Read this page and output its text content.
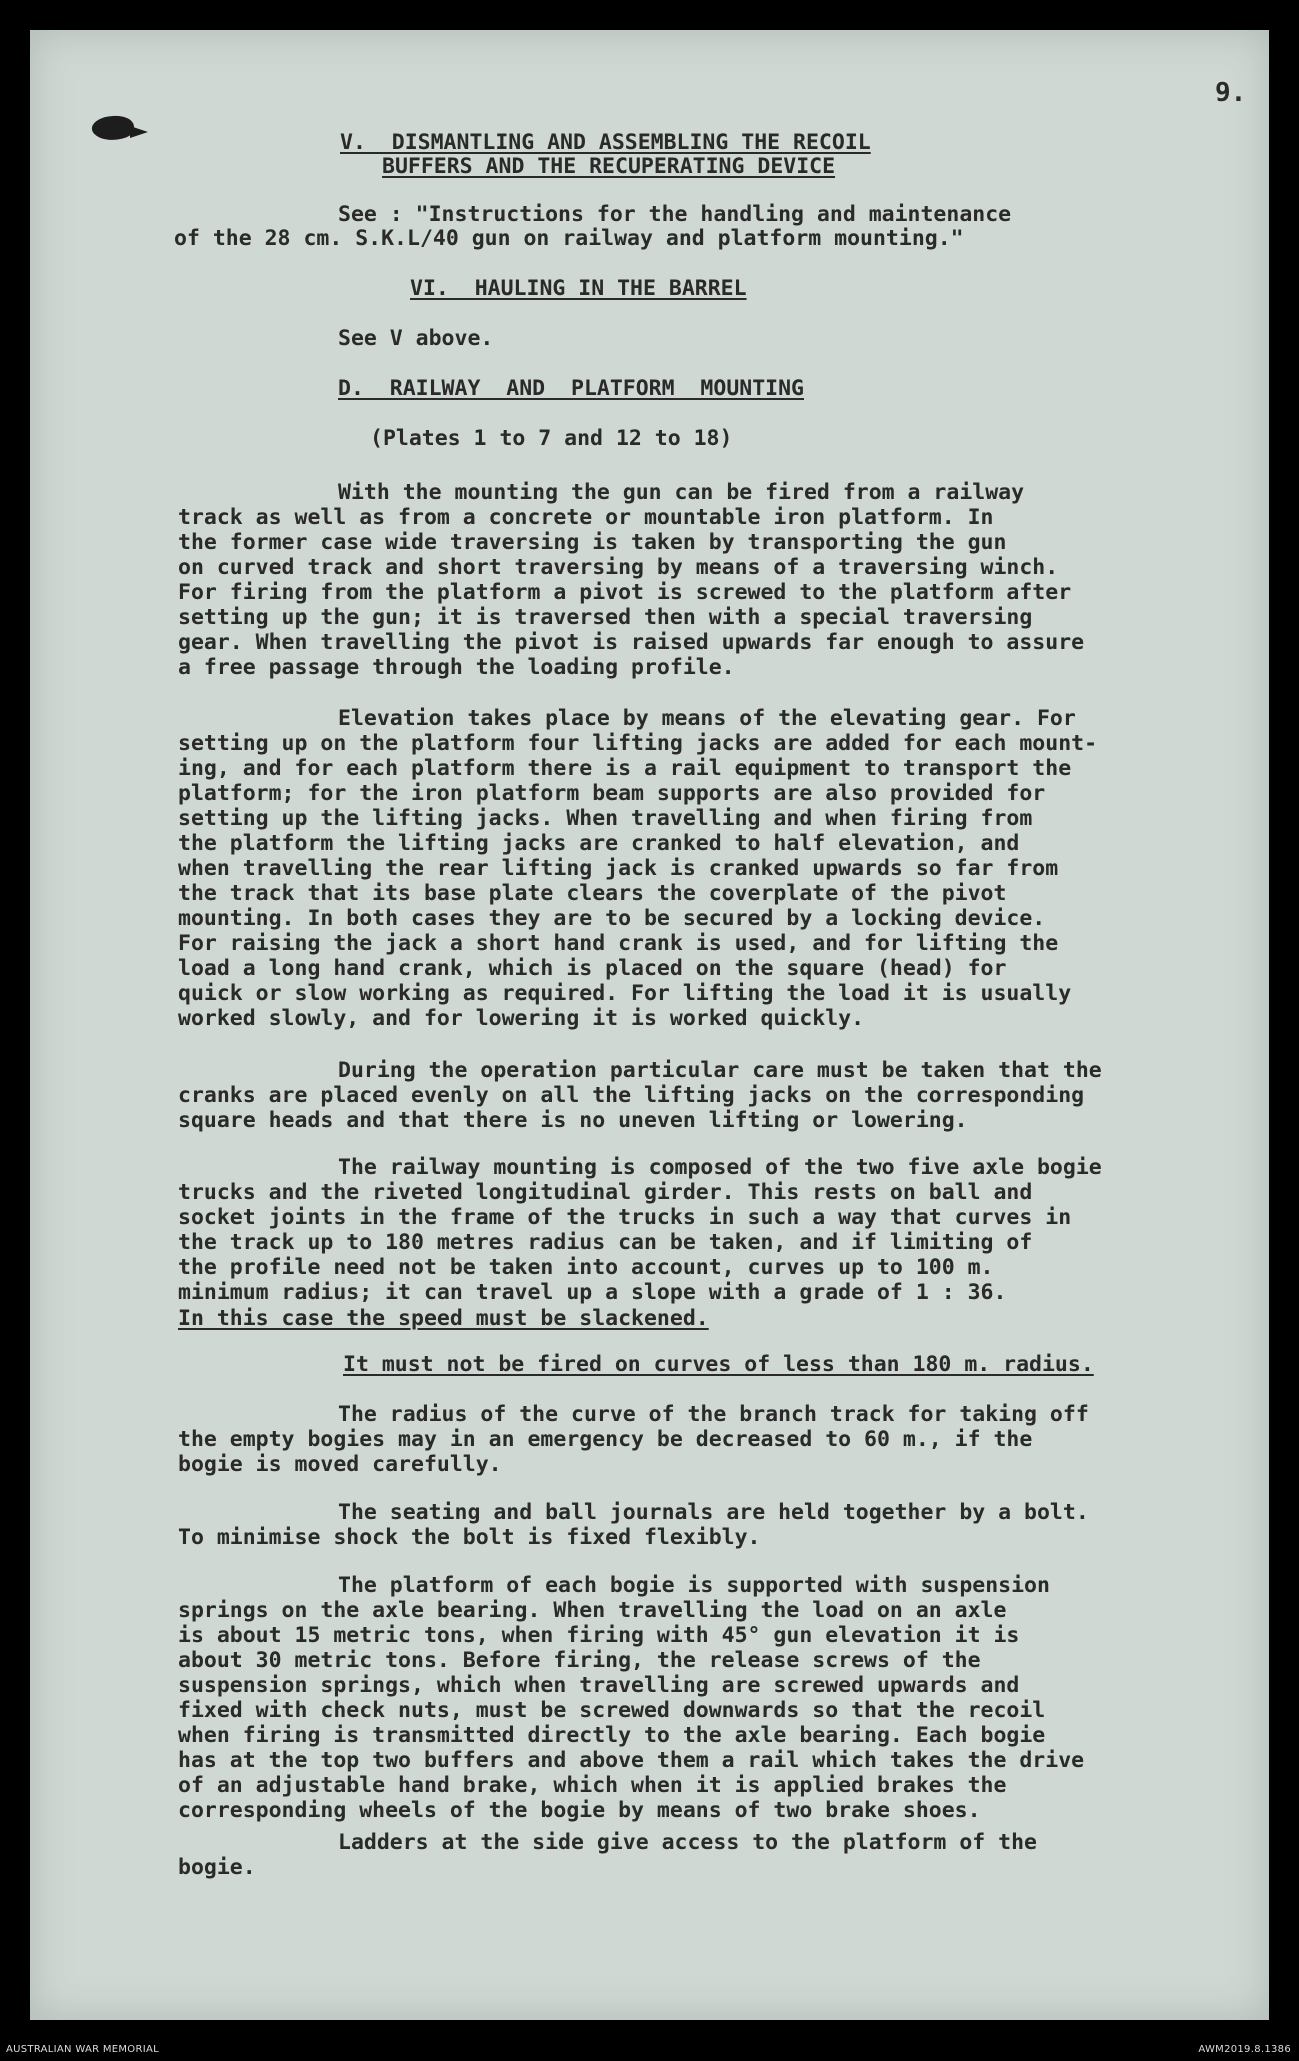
9.
V.  DISMANTLING AND ASSEMBLING THE RECOIL
BUFFERS AND THE RECUPERATING DEVICE
See : "Instructions for the handling and maintenance
of the 28 cm. S.K.L/40 gun on railway and platform mounting."
VI.  HAULING IN THE BARREL
See V above.
D.  RAILWAY  AND  PLATFORM  MOUNTING
(Plates 1 to 7 and 12 to 18)
With the mounting the gun can be fired from a railway
track as well as from a concrete or mountable iron platform. In
the former case wide traversing is taken by transporting the gun
on curved track and short traversing by means of a traversing winch.
For firing from the platform a pivot is screwed to the platform after
setting up the gun; it is traversed then with a special traversing
gear. When travelling the pivot is raised upwards far enough to assure
a free passage through the loading profile.
Elevation takes place by means of the elevating gear. For
setting up on the platform four lifting jacks are added for each mount-
ing, and for each platform there is a rail equipment to transport the
platform; for the iron platform beam supports are also provided for
setting up the lifting jacks. When travelling and when firing from
the platform the lifting jacks are cranked to half elevation, and
when travelling the rear lifting jack is cranked upwards so far from
the track that its base plate clears the coverplate of the pivot
mounting. In both cases they are to be secured by a locking device.
For raising the jack a short hand crank is used, and for lifting the
load a long hand crank, which is placed on the square (head) for
quick or slow working as required. For lifting the load it is usually
worked slowly, and for lowering it is worked quickly.
During the operation particular care must be taken that the
cranks are placed evenly on all the lifting jacks on the corresponding
square heads and that there is no uneven lifting or lowering.
The railway mounting is composed of the two five axle bogie
trucks and the riveted longitudinal girder. This rests on ball and
socket joints in the frame of the trucks in such a way that curves in
the track up to 180 metres radius can be taken, and if limiting of
the profile need not be taken into account, curves up to 100 m.
minimum radius; it can travel up a slope with a grade of 1 : 36.
In this case the speed must be slackened.
It must not be fired on curves of less than 180 m. radius.
The radius of the curve of the branch track for taking off
the empty bogies may in an emergency be decreased to 60 m., if the
bogie is moved carefully.
The seating and ball journals are held together by a bolt.
To minimise shock the bolt is fixed flexibly.
The platform of each bogie is supported with suspension
springs on the axle bearing. When travelling the load on an axle
is about 15 metric tons, when firing with 45° gun elevation it is
about 30 metric tons. Before firing, the release screws of the
suspension springs, which when travelling are screwed upwards and
fixed with check nuts, must be screwed downwards so that the recoil
when firing is transmitted directly to the axle bearing. Each bogie
has at the top two buffers and above them a rail which takes the drive
of an adjustable hand brake, which when it is applied brakes the
corresponding wheels of the bogie by means of two brake shoes.
Ladders at the side give access to the platform of the
bogie.
AUSTRALIAN WAR MEMORIAL	AWM2019.8.1386
